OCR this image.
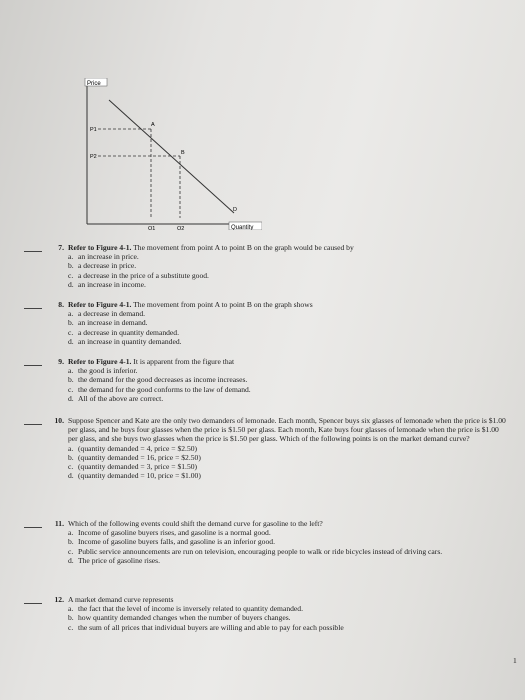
Price
Quantity
P1
P2
Q1	Q2
A
B
D
7. Refer to Figure 4-1. The movement from point A to point B on the graph would be caused by
a. an increase in price.
b. a decrease in price.
c. a decrease in the price of a substitute good.
d. an increase in income.
8. Refer to Figure 4-1. The movement from point A to point B on the graph shows
a. a decrease in demand.
b. an increase in demand.
c. a decrease in quantity demanded.
d. an increase in quantity demanded.
9. Refer to Figure 4-1. It is apparent from the figure that
a. the good is inferior.
b. the demand for the good decreases as income increases.
c. the demand for the good conforms to the law of demand.
d. All of the above are correct.
10. Suppose Spencer and Kate are the only two demanders of lemonade. Each month, Spencer buys six glasses of lemonade when the price is $1.00 per glass, and he buys four glasses when the price is $1.50 per glass. Each month, Kate buys four glasses of lemonade when the price is $1.00 per glass, and she buys two glasses when the price is $1.50 per glass. Which of the following points is on the market demand curve?
a. (quantity demanded = 4, price = $2.50)
b. (quantity demanded = 16, price = $2.50)
c. (quantity demanded = 3, price = $1.50)
d. (quantity demanded = 10, price = $1.00)
11. Which of the following events could shift the demand curve for gasoline to the left?
a. Income of gasoline buyers rises, and gasoline is a normal good.
b. Income of gasoline buyers falls, and gasoline is an inferior good.
c. Public service announcements are run on television, encouraging people to walk or ride bicycles instead of driving cars.
d. The price of gasoline rises.
12. A market demand curve represents
a. the fact that the level of income is inversely related to quantity demanded.
b. how quantity demanded changes when the number of buyers changes.
c. the sum of all prices that individual buyers are willing and able to pay for each possible
1
